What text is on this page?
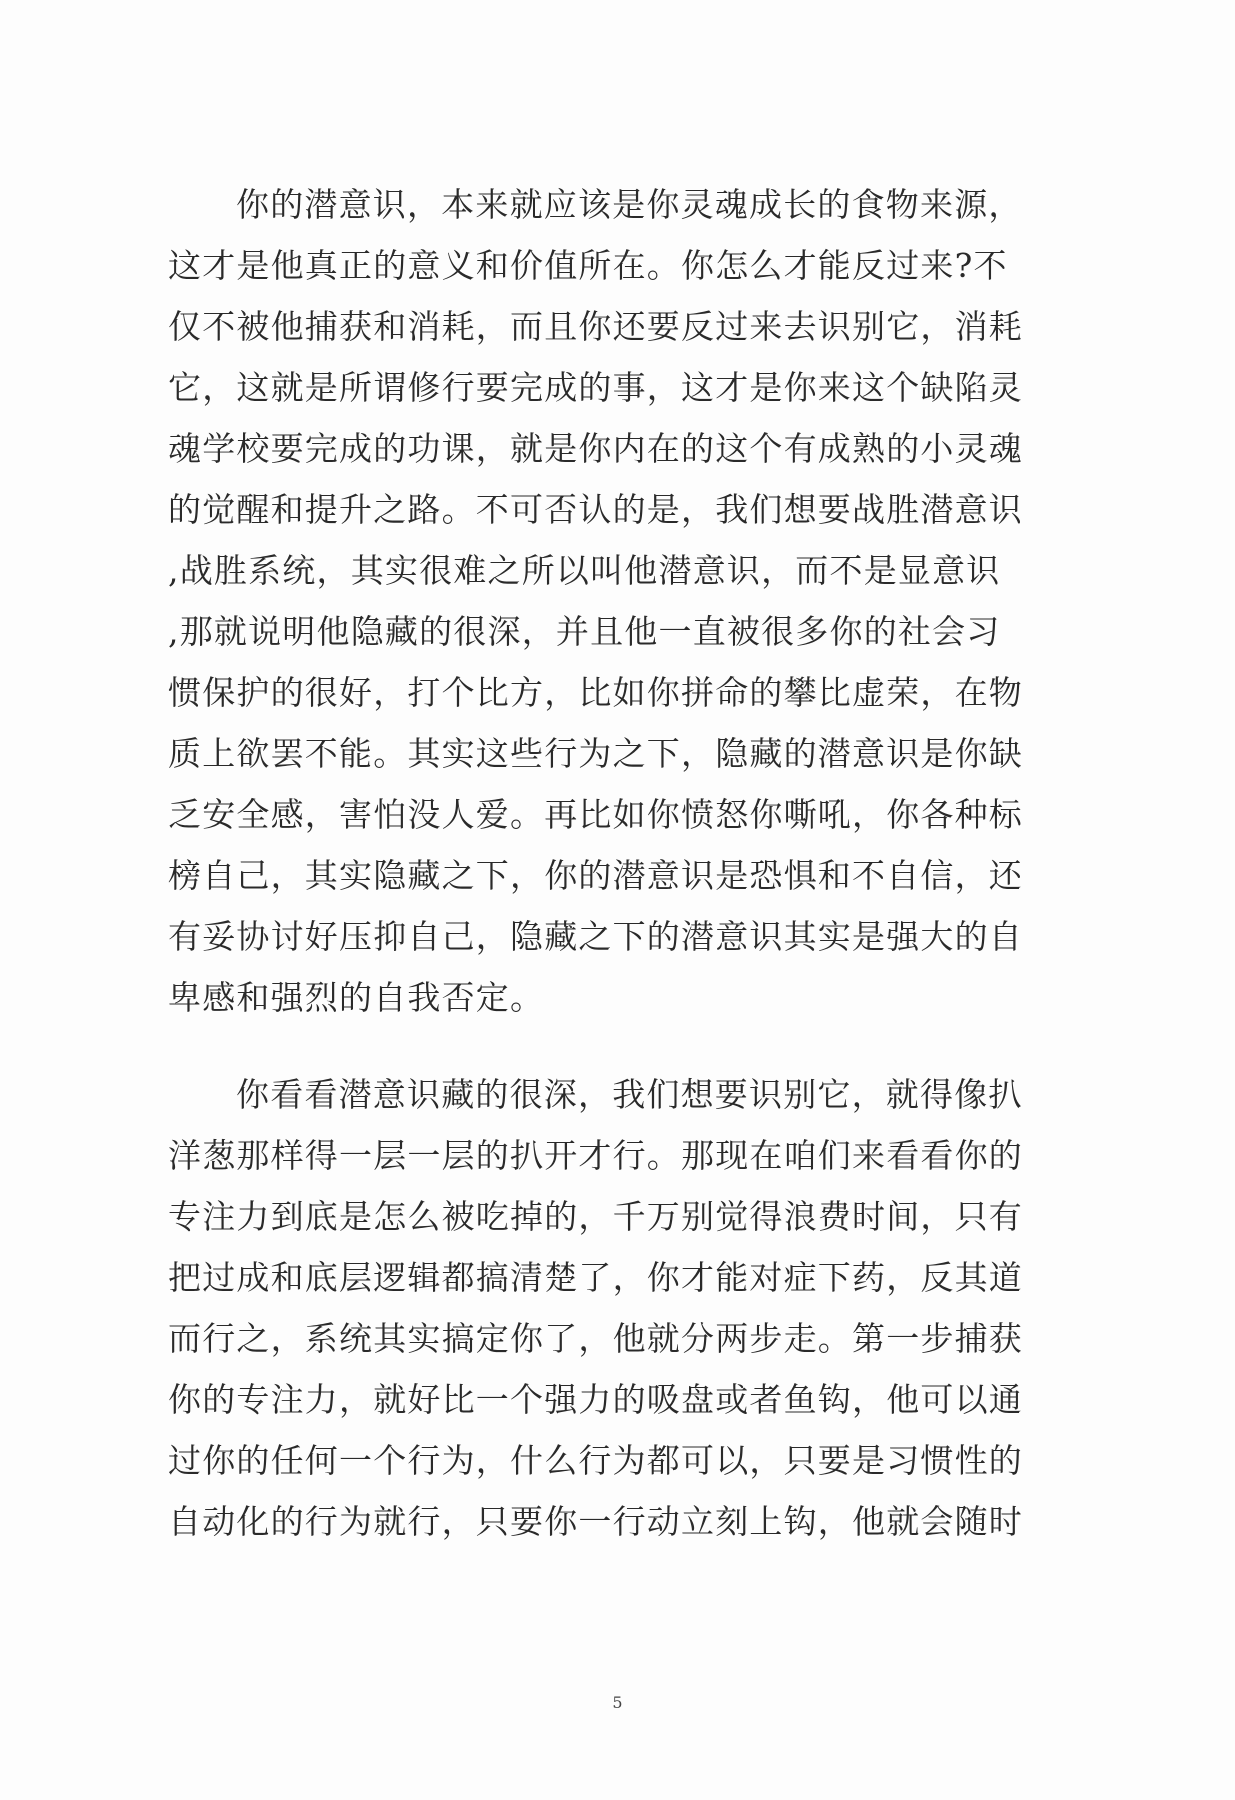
你的潜意识，本来就应该是你灵魂成长的食物来源，
这才是他真正的意义和价值所在。你怎么才能反过来?不
仅不被他捕获和消耗，而且你还要反过来去识别它，消耗
它，这就是所谓修行要完成的事，这才是你来这个缺陷灵
魂学校要完成的功课，就是你内在的这个有成熟的小灵魂
的觉醒和提升之路。不可否认的是，我们想要战胜潜意识
,战胜系统，其实很难之所以叫他潜意识，而不是显意识
,那就说明他隐藏的很深，并且他一直被很多你的社会习
惯保护的很好，打个比方，比如你拼命的攀比虚荣，在物
质上欲罢不能。其实这些行为之下，隐藏的潜意识是你缺
乏安全感，害怕没人爱。再比如你愤怒你嘶吼，你各种标
榜自己，其实隐藏之下，你的潜意识是恐惧和不自信，还
有妥协讨好压抑自己，隐藏之下的潜意识其实是强大的自
卑感和强烈的自我否定。
你看看潜意识藏的很深，我们想要识别它，就得像扒
洋葱那样得一层一层的扒开才行。那现在咱们来看看你的
专注力到底是怎么被吃掉的，千万别觉得浪费时间，只有
把过成和底层逻辑都搞清楚了，你才能对症下药，反其道
而行之，系统其实搞定你了，他就分两步走。第一步捕获
你的专注力，就好比一个强力的吸盘或者鱼钩，他可以通
过你的任何一个行为，什么行为都可以，只要是习惯性的
自动化的行为就行，只要你一行动立刻上钩，他就会随时
5
